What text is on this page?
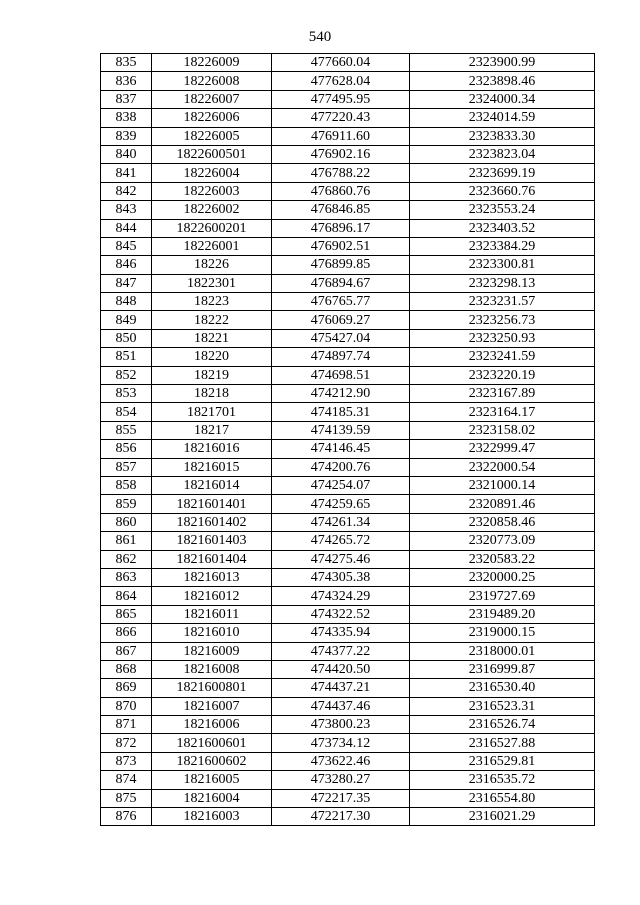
540
835	18226009	477660.04	2323900.99
836	18226008	477628.04	2323898.46
837	18226007	477495.95	2324000.34
838	18226006	477220.43	2324014.59
839	18226005	476911.60	2323833.30
840	1822600501	476902.16	2323823.04
841	18226004	476788.22	2323699.19
842	18226003	476860.76	2323660.76
843	18226002	476846.85	2323553.24
844	1822600201	476896.17	2323403.52
845	18226001	476902.51	2323384.29
846	18226	476899.85	2323300.81
847	1822301	476894.67	2323298.13
848	18223	476765.77	2323231.57
849	18222	476069.27	2323256.73
850	18221	475427.04	2323250.93
851	18220	474897.74	2323241.59
852	18219	474698.51	2323220.19
853	18218	474212.90	2323167.89
854	1821701	474185.31	2323164.17
855	18217	474139.59	2323158.02
856	18216016	474146.45	2322999.47
857	18216015	474200.76	2322000.54
858	18216014	474254.07	2321000.14
859	1821601401	474259.65	2320891.46
860	1821601402	474261.34	2320858.46
861	1821601403	474265.72	2320773.09
862	1821601404	474275.46	2320583.22
863	18216013	474305.38	2320000.25
864	18216012	474324.29	2319727.69
865	18216011	474322.52	2319489.20
866	18216010	474335.94	2319000.15
867	18216009	474377.22	2318000.01
868	18216008	474420.50	2316999.87
869	1821600801	474437.21	2316530.40
870	18216007	474437.46	2316523.31
871	18216006	473800.23	2316526.74
872	1821600601	473734.12	2316527.88
873	1821600602	473622.46	2316529.81
874	18216005	473280.27	2316535.72
875	18216004	472217.35	2316554.80
876	18216003	472217.30	2316021.29
